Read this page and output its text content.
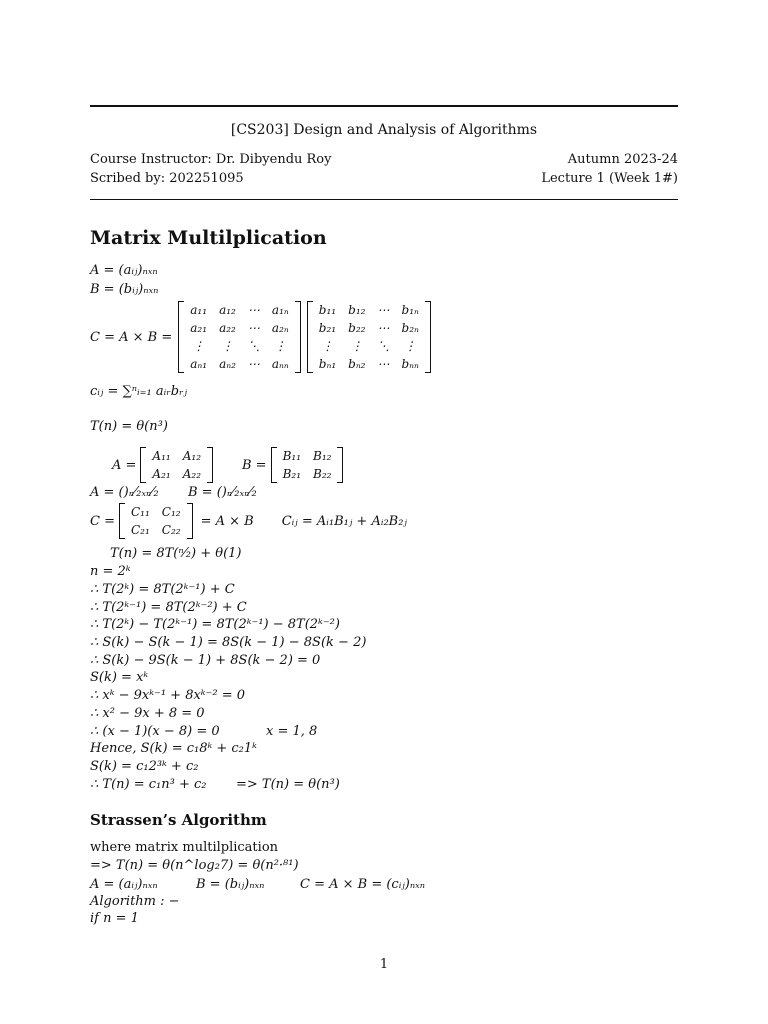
[CS203] Design and Analysis of Algorithms
Course Instructor: Dr. Dibyendu Roy
Scribed by: 202251095
Autumn 2023-24
Lecture 1 (Week 1#)
Matrix Multilplication
A = (aᵢⱼ)ₙₓₙ
B = (bᵢⱼ)ₙₓₙ
C = A × B =
a₁₁	a₁₂	⋯	a₁ₙ
a₂₁	a₂₂	⋯	a₂ₙ
⋮	⋮	⋱	⋮
aₙ₁	aₙ₂	⋯	aₙₙ
b₁₁	b₁₂	⋯	b₁ₙ
b₂₁	b₂₂	⋯	b₂ₙ
⋮	⋮	⋱	⋮
bₙ₁	bₙ₂	⋯	bₙₙ
cᵢⱼ = ∑ⁿᵢ₌₁ aᵢᵣbᵣⱼ
T(n) = θ(n³)
A =
A₁₁	A₁₂
A₂₁	A₂₂
B =
B₁₁	B₁₂
B₂₁	B₂₂
A = ()ₙ⁄₂ₓₙ⁄₂ B = ()ₙ⁄₂ₓₙ⁄₂
C =
C₁₁	C₁₂
C₂₁	C₂₂
= A × B Cᵢⱼ = Aᵢ₁B₁ⱼ + Aᵢ₂B₂ⱼ
T(n) = 8T(ⁿ⁄₂) + θ(1)
n = 2ᵏ
∴ T(2ᵏ) = 8T(2ᵏ⁻¹) + C
∴ T(2ᵏ⁻¹) = 8T(2ᵏ⁻²) + C
∴ T(2ᵏ) − T(2ᵏ⁻¹) = 8T(2ᵏ⁻¹) − 8T(2ᵏ⁻²)
∴ S(k) − S(k − 1) = 8S(k − 1) − 8S(k − 2)
∴ S(k) − 9S(k − 1) + 8S(k − 2) = 0
S(k) = xᵏ
∴ xᵏ − 9xᵏ⁻¹ + 8xᵏ⁻² = 0
∴ x² − 9x + 8 = 0
∴ (x − 1)(x − 8) = 0	x = 1, 8
Hence, S(k) = c₁8ᵏ + c₂1ᵏ
S(k) = c₁2³ᵏ + c₂
∴ T(n) = c₁n³ + c₂ => T(n) = θ(n³)
Strassen’s Algorithm
where matrix multilplication
=> T(n) = θ(n^log₂7) = θ(n²·⁸¹)
A = (aᵢⱼ)ₙₓₙ	B = (bᵢⱼ)ₙₓₙ	C = A × B = (cᵢⱼ)ₙₓₙ
Algorithm : −
if n = 1
1
